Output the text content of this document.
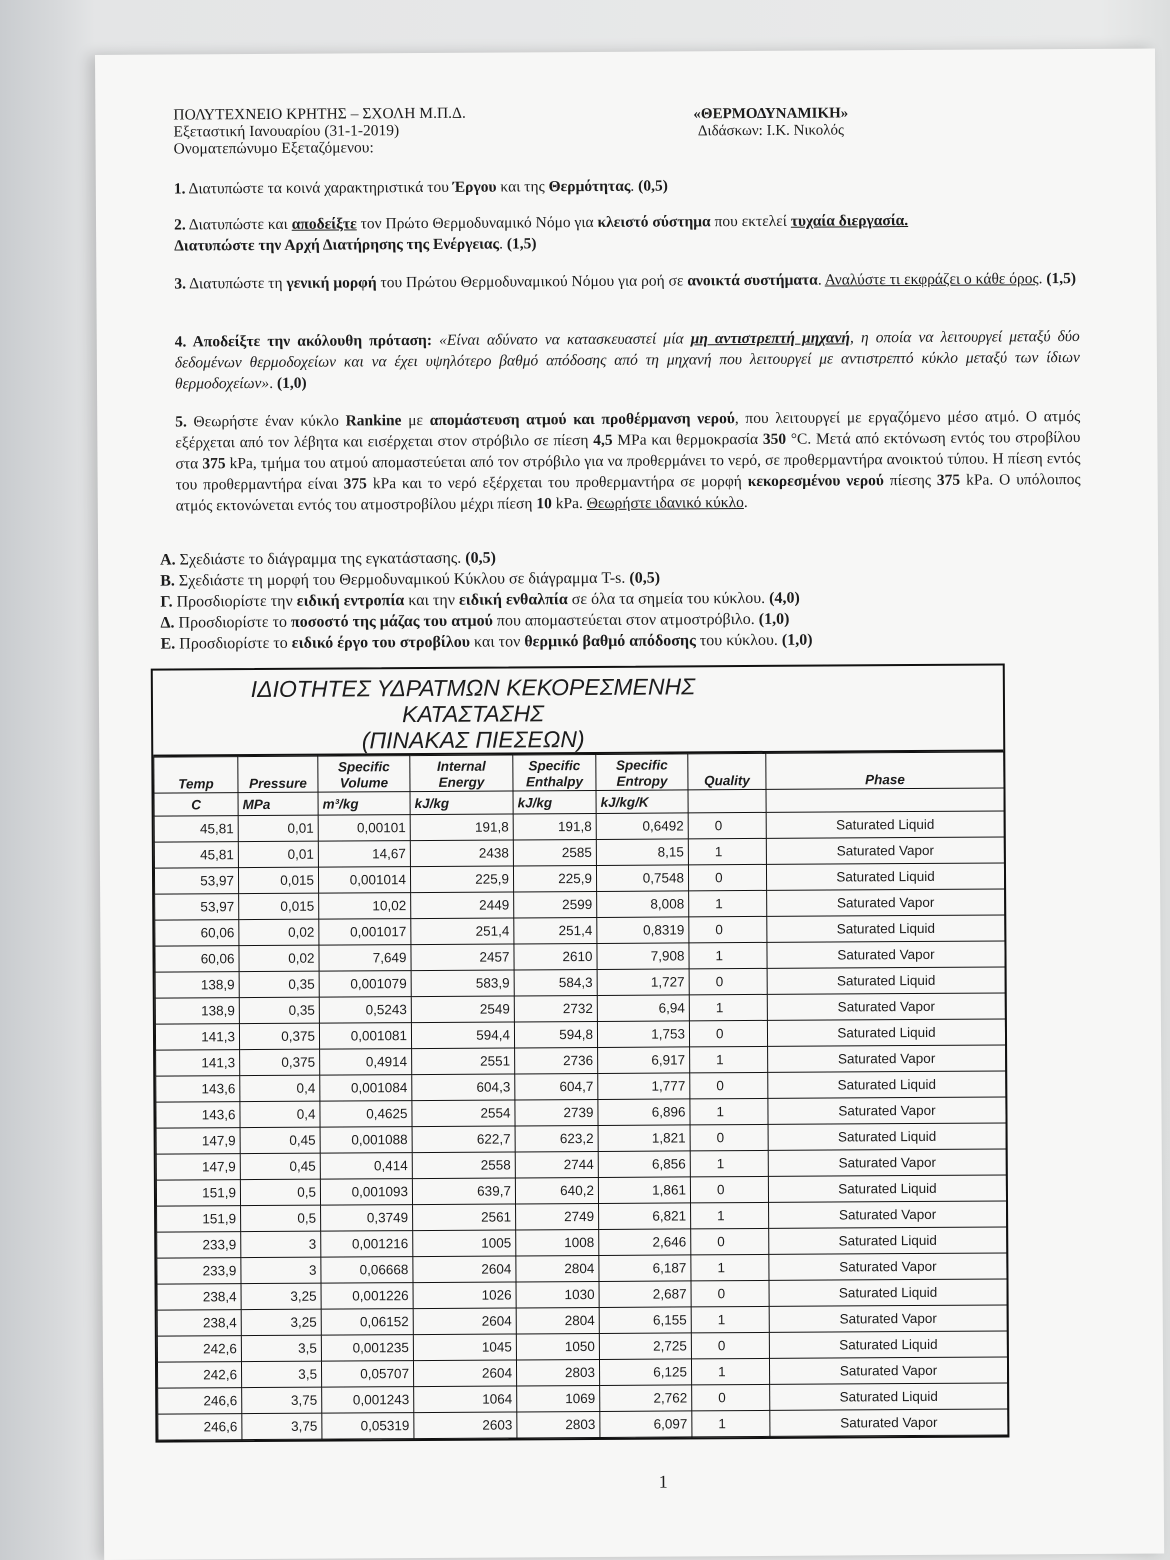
ΠΟΛΥΤΕΧΝΕΙΟ ΚΡΗΤΗΣ – ΣΧΟΛΗ Μ.Π.Δ.
Εξεταστική Ιανουαρίου (31-1-2019)
Ονοματεπώνυμο Εξεταζόμενου:
«ΘΕΡΜΟΔΥΝΑΜΙΚΗ»
Διδάσκων: Ι.Κ. Νικολός
1. Διατυπώστε τα κοινά χαρακτηριστικά του Έργου και της Θερμότητας. (0,5)
2. Διατυπώστε και αποδείξτε τον Πρώτο Θερμοδυναμικό Νόμο για κλειστό σύστημα που εκτελεί τυχαία διεργασία.
Διατυπώστε την Αρχή Διατήρησης της Ενέργειας. (1,5)
3. Διατυπώστε τη γενική μορφή του Πρώτου Θερμοδυναμικού Νόμου για ροή σε ανοικτά συστήματα. Αναλύστε τι εκφράζει ο κάθε όρος. (1,5)
4. Αποδείξτε την ακόλουθη πρόταση: «Είναι αδύνατο να κατασκευαστεί μία μη αντιστρεπτή μηχανή, η οποία να λειτουργεί μεταξύ δύο δεδομένων θερμοδοχείων και να έχει υψηλότερο βαθμό απόδοσης από τη μηχανή που λειτουργεί με αντιστρεπτό κύκλο μεταξύ των ίδιων θερμοδοχείων». (1,0)
5. Θεωρήστε έναν κύκλο Rankine με απομάστευση ατμού και προθέρμανση νερού, που λειτουργεί με εργαζόμενο μέσο ατμό. Ο ατμός εξέρχεται από τον λέβητα και εισέρχεται στον στρόβιλο σε πίεση 4,5 MPa και θερμοκρασία 350 °C. Μετά από εκτόνωση εντός του στροβίλου στα 375 kPa, τμήμα του ατμού απομαστεύεται από τον στρόβιλο για να προθερμάνει το νερό, σε προθερμαντήρα ανοικτού τύπου. Η πίεση εντός του προθερμαντήρα είναι 375 kPa και το νερό εξέρχεται του προθερμαντήρα σε μορφή κεκορεσμένου νερού πίεσης 375 kPa. Ο υπόλοιπος ατμός εκτονώνεται εντός του ατμοστροβίλου μέχρι πίεση 10 kPa. Θεωρήστε ιδανικό κύκλο.
Α. Σχεδιάστε το διάγραμμα της εγκατάστασης. (0,5)
Β. Σχεδιάστε τη μορφή του Θερμοδυναμικού Κύκλου σε διάγραμμα T-s. (0,5)
Γ. Προσδιορίστε την ειδική εντροπία και την ειδική ενθαλπία σε όλα τα σημεία του κύκλου. (4,0)
Δ. Προσδιορίστε το ποσοστό της μάζας του ατμού που απομαστεύεται στον ατμοστρόβιλο. (1,0)
Ε. Προσδιορίστε το ειδικό έργο του στροβίλου και τον θερμικό βαθμό απόδοσης του κύκλου. (1,0)
ΙΔΙΟΤΗΤΕΣ ΥΔΡΑΤΜΩΝ ΚΕΚΟΡΕΣΜΕΝΗΣ
ΚΑΤΑΣΤΑΣΗΣ
(ΠΙΝΑΚΑΣ ΠΙΕΣΕΩΝ)
Temp	Pressure	Specific Volume	Internal Energy	Specific Enthalpy	Specific Entropy	Quality	Phase
C	MPa	m³/kg	kJ/kg	kJ/kg	kJ/kg/K		
45,81	0,01	0,00101	191,8	191,8	0,6492	0	Saturated Liquid
45,81	0,01	14,67	2438	2585	8,15	1	Saturated Vapor
53,97	0,015	0,001014	225,9	225,9	0,7548	0	Saturated Liquid
53,97	0,015	10,02	2449	2599	8,008	1	Saturated Vapor
60,06	0,02	0,001017	251,4	251,4	0,8319	0	Saturated Liquid
60,06	0,02	7,649	2457	2610	7,908	1	Saturated Vapor
138,9	0,35	0,001079	583,9	584,3	1,727	0	Saturated Liquid
138,9	0,35	0,5243	2549	2732	6,94	1	Saturated Vapor
141,3	0,375	0,001081	594,4	594,8	1,753	0	Saturated Liquid
141,3	0,375	0,4914	2551	2736	6,917	1	Saturated Vapor
143,6	0,4	0,001084	604,3	604,7	1,777	0	Saturated Liquid
143,6	0,4	0,4625	2554	2739	6,896	1	Saturated Vapor
147,9	0,45	0,001088	622,7	623,2	1,821	0	Saturated Liquid
147,9	0,45	0,414	2558	2744	6,856	1	Saturated Vapor
151,9	0,5	0,001093	639,7	640,2	1,861	0	Saturated Liquid
151,9	0,5	0,3749	2561	2749	6,821	1	Saturated Vapor
233,9	3	0,001216	1005	1008	2,646	0	Saturated Liquid
233,9	3	0,06668	2604	2804	6,187	1	Saturated Vapor
238,4	3,25	0,001226	1026	1030	2,687	0	Saturated Liquid
238,4	3,25	0,06152	2604	2804	6,155	1	Saturated Vapor
242,6	3,5	0,001235	1045	1050	2,725	0	Saturated Liquid
242,6	3,5	0,05707	2604	2803	6,125	1	Saturated Vapor
246,6	3,75	0,001243	1064	1069	2,762	0	Saturated Liquid
246,6	3,75	0,05319	2603	2803	6,097	1	Saturated Vapor
1
